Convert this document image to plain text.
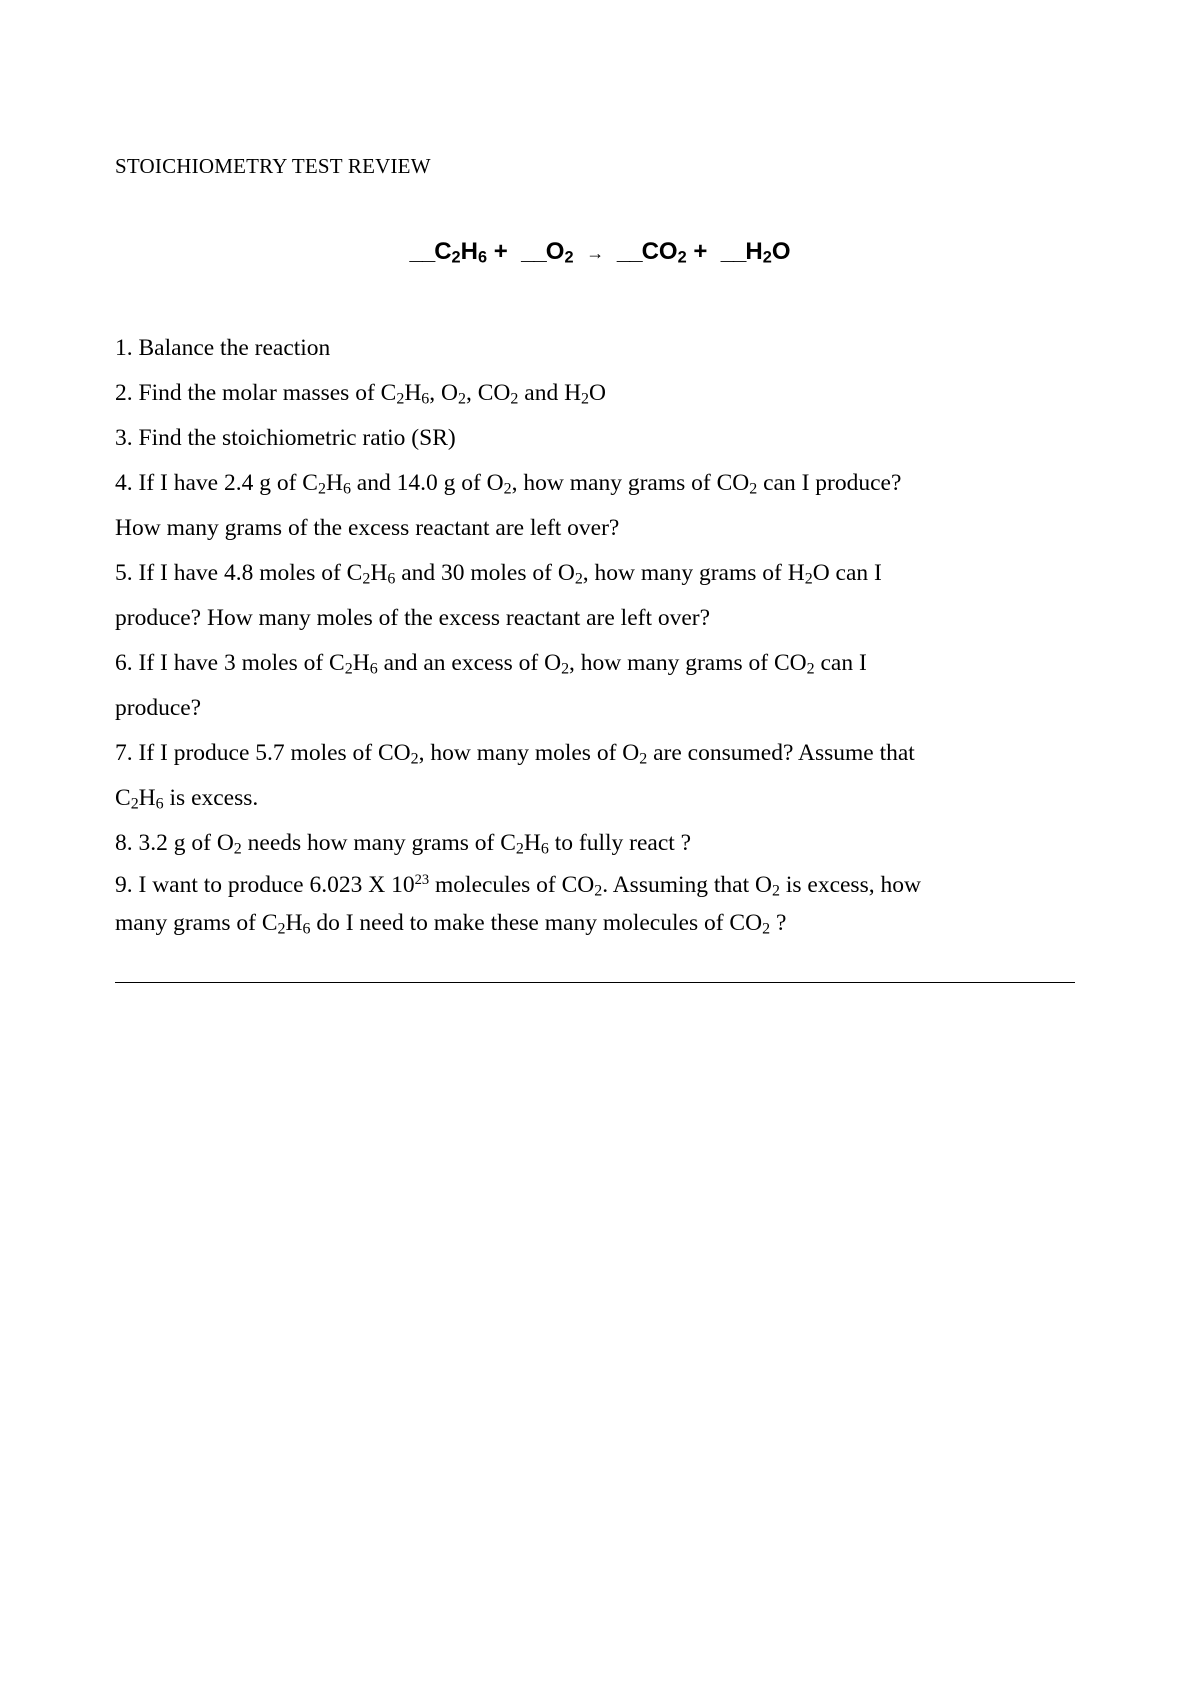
STOICHIOMETRY TEST REVIEW
$\_\_C_2H_6$ + $\_\_O_2$ → $\_\_CO_2$ + $\_\_H_2O$
1. Balance the reaction
2. Find the molar masses of $C_2H_6$, $O_2$, $CO_2$ and $H_2O$
3. Find the stoichiometric ratio (SR)
4. If I have 2.4 g of $C_2H_6$ and 14.0 g of $O_2$, how many grams of $CO_2$ can I produce?
How many grams of the excess reactant are left over?
5. If I have 4.8 moles of $C_2H_6$ and 30 moles of $O_2$, how many grams of $H_2O$ can I
produce? How many moles of the excess reactant are left over?
6. If I have 3 moles of $C_2H_6$ and an excess of $O_2$, how many grams of $CO_2$ can I
produce?
7. If I produce 5.7 moles of $CO_2$, how many moles of $O_2$ are consumed? Assume that
$C_2H_6$ is excess.
8. 3.2 g of $O_2$ needs how many grams of $C_2H_6$ to fully react ?
9. I want to produce 6.023 X $10^{23}$ molecules of $CO_2$. Assuming that $O_2$ is excess, how
many grams of $C_2H_6$ do I need to make these many molecules of $CO_2$ ?
